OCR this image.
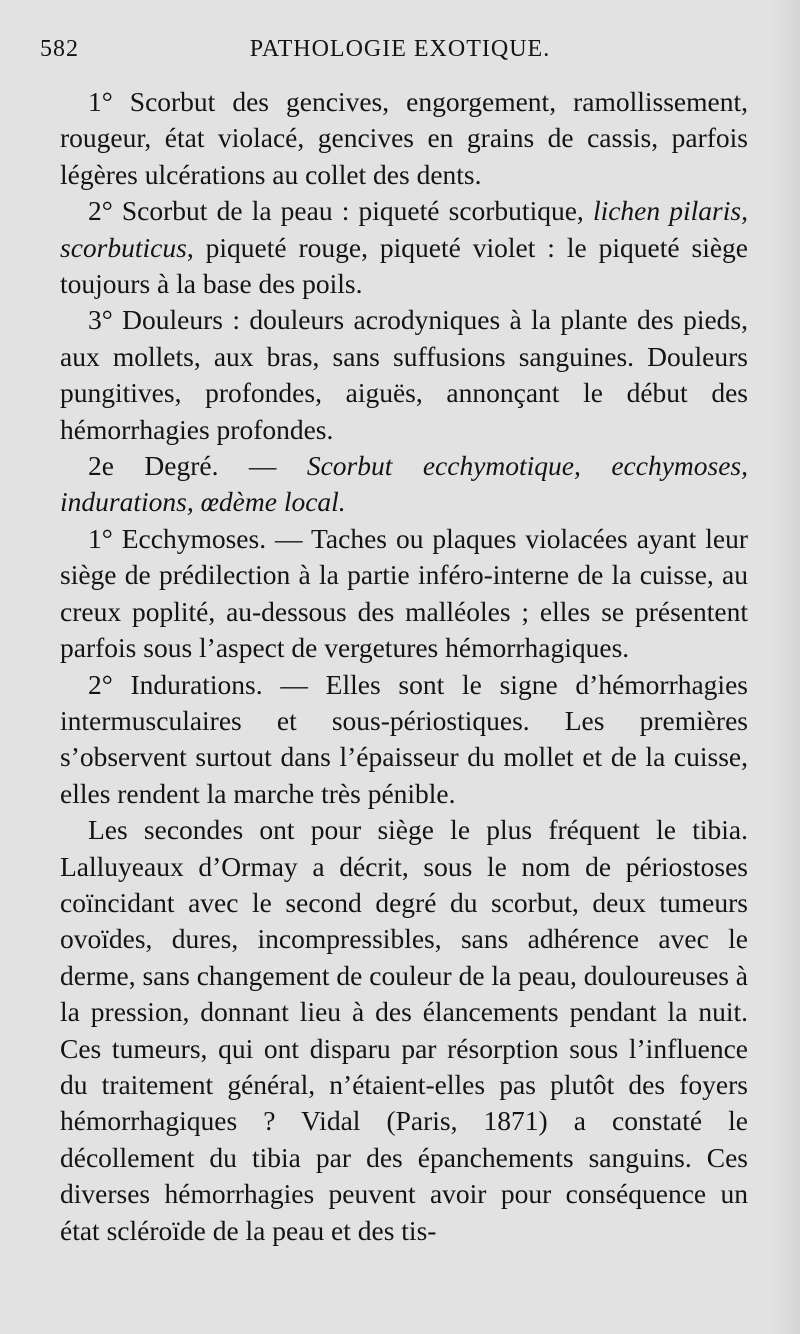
582	PATHOLOGIE EXOTIQUE.

1° Scorbut des gencives, engorgement, ramollissement, rougeur, état violacé, gencives en grains de cassis, parfois légères ulcérations au collet des dents.

2° Scorbut de la peau : piqueté scorbutique, lichen pilaris, scorbuticus, piqueté rouge, piqueté violet : le piqueté siège toujours à la base des poils.

3° Douleurs : douleurs acrodyniques à la plante des pieds, aux mollets, aux bras, sans suffusions sanguines. Douleurs pungitives, profondes, aiguës, annonçant le début des hémorrhagies profondes.

2e Degré. — Scorbut ecchymotique, ecchymoses, indurations, œdème local.

1° Ecchymoses. — Taches ou plaques violacées ayant leur siège de prédilection à la partie inféro-interne de la cuisse, au creux poplité, au-dessous des malléoles ; elles se présentent parfois sous l’aspect de vergetures hémorrhagiques.

2° Indurations. — Elles sont le signe d’hémorrhagies intermusculaires et sous-périostiques. Les premières s’observent surtout dans l’épaisseur du mollet et de la cuisse, elles rendent la marche très pénible.

Les secondes ont pour siège le plus fréquent le tibia. Lalluyeaux d’Ormay a décrit, sous le nom de périostoses coïncidant avec le second degré du scorbut, deux tumeurs ovoïdes, dures, incompressibles, sans adhérence avec le derme, sans changement de couleur de la peau, douloureuses à la pression, donnant lieu à des élancements pendant la nuit. Ces tumeurs, qui ont disparu par résorption sous l’influence du traitement général, n’étaient-elles pas plutôt des foyers hémorrhagiques ? Vidal (Paris, 1871) a constaté le décollement du tibia par des épanchements sanguins. Ces diverses hémorrhagies peuvent avoir pour conséquence un état scléroïde de la peau et des tis-
